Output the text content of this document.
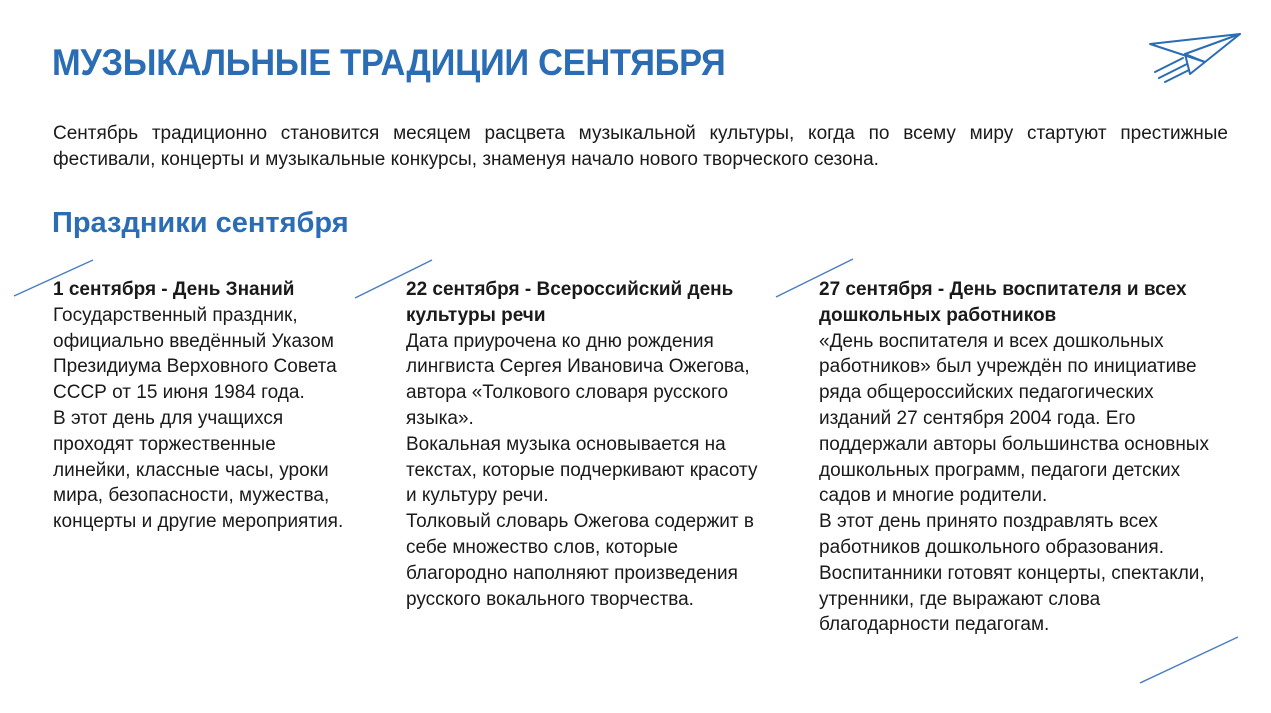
МУЗЫКАЛЬНЫЕ ТРАДИЦИИ СЕНТЯБРЯ

Сентябрь традиционно становится месяцем расцвета музыкальной культуры, когда по всему миру стартуют престижные фестивали, концерты и музыкальные конкурсы, знаменуя начало нового творческого сезона.

Праздники сентября
1 сентября - День Знаний

Государственный праздник, официально введённый Указом Президиума Верховного Совета СССР от 15 июня 1984 года.
В этот день для учащихся проходят торжественные линейки, классные часы, уроки мира, безопасности, мужества, концерты и другие мероприятия.

22 сентября - Всероссийский день культуры речи

Дата приурочена ко дню рождения лингвиста Сергея Ивановича Ожегова, автора «Толкового словаря русского языка».
Вокальная музыка основывается на текстах, которые подчеркивают красоту и культуру речи.
Толковый словарь Ожегова содержит в себе множество слов, которые благородно наполняют произведения русского вокального творчества.

27 сентября - День воспитателя и всех дошкольных работников

«День воспитателя и всех дошкольных работников» был учреждён по инициативе ряда общероссийских педагогических изданий 27 сентября 2004 года. Его поддержали авторы большинства основных дошкольных программ, педагоги детских садов и многие родители.
В этот день принято поздравлять всех работников дошкольного образования. Воспитанники готовят концерты, спектакли, утренники, где выражают слова благодарности педагогам.
